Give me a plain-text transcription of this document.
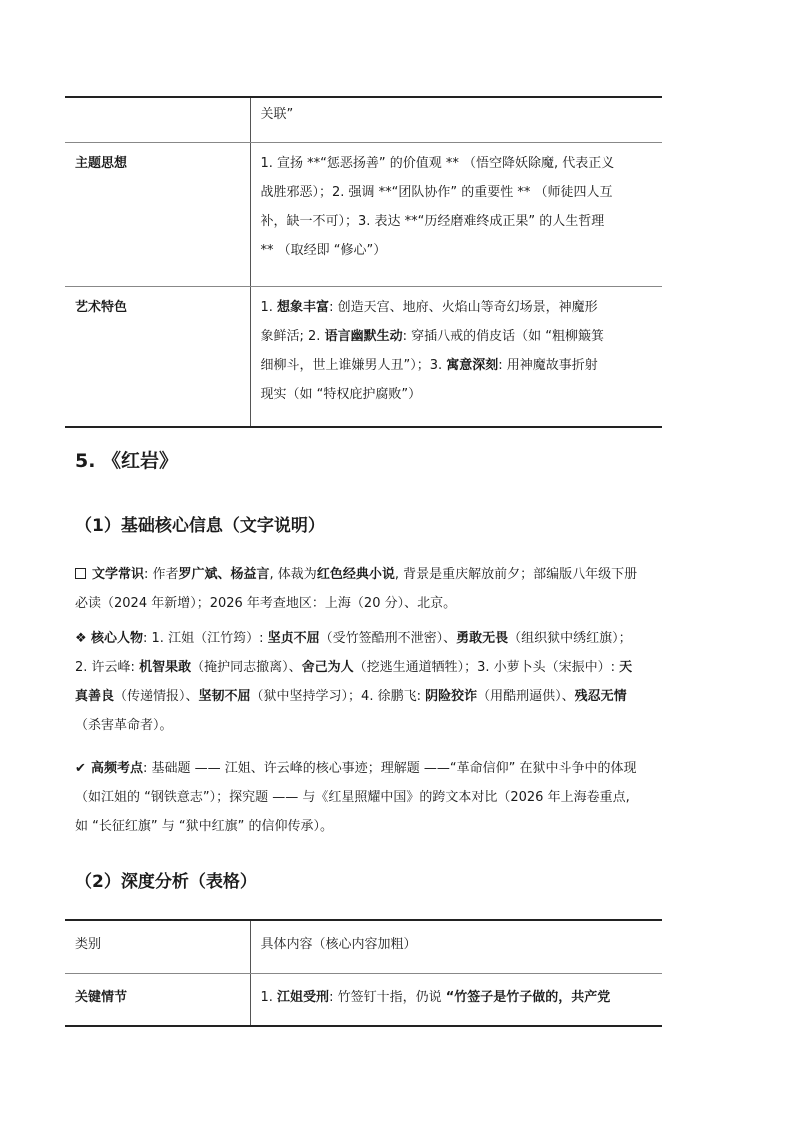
	关联”
主题思想	1. 宣扬 **“惩恶扬善” 的价值观 ** （悟空降妖除魔, 代表正义
战胜邪恶）；2. 强调 **“团队协作” 的重要性 ** （师徒四人互
补，缺一不可）；3. 表达 **“历经磨难终成正果” 的人生哲理
** （取经即 “修心”）

艺术特色	1. 想象丰富: 创造天宫、地府、火焰山等奇幻场景，神魔形
象鲜活; 2. 语言幽默生动: 穿插八戒的俏皮话（如 “粗柳簸箕
细柳斗，世上谁嫌男人丑”）；3. 寓意深刻: 用神魔故事折射
现实（如 “特权庇护腐败”）
5. 《红岩》
（1）基础核心信息（文字说明）
文学常识: 作者罗广斌、杨益言, 体裁为红色经典小说, 背景是重庆解放前夕；部编版八年级下册
必读（2024 年新增）；2026 年考查地区：上海（20 分）、北京。
❖ 核心人物: 1. 江姐（江竹筠）: 坚贞不屈（受竹签酷刑不泄密）、勇敢无畏（组织狱中绣红旗）；
2. 许云峰: 机智果敢（掩护同志撤离）、舍己为人（挖逃生通道牺牲）；3. 小萝卜头（宋振中）: 天
真善良（传递情报）、坚韧不屈（狱中坚持学习）；4. 徐鹏飞: 阴险狡诈（用酷刑逼供）、残忍无情
（杀害革命者）。
✔ 高频考点: 基础题 —— 江姐、许云峰的核心事迹；理解题 ——“革命信仰” 在狱中斗争中的体现
（如江姐的 “钢铁意志”）；探究题 —— 与《红星照耀中国》的跨文本对比（2026 年上海卷重点,
如 “长征红旗” 与 “狱中红旗” 的信仰传承）。
（2）深度分析（表格）
类别	具体内容（核心内容加粗）
关键情节	1. 江姐受刑: 竹签钉十指，仍说 “竹签子是竹子做的，共产党
